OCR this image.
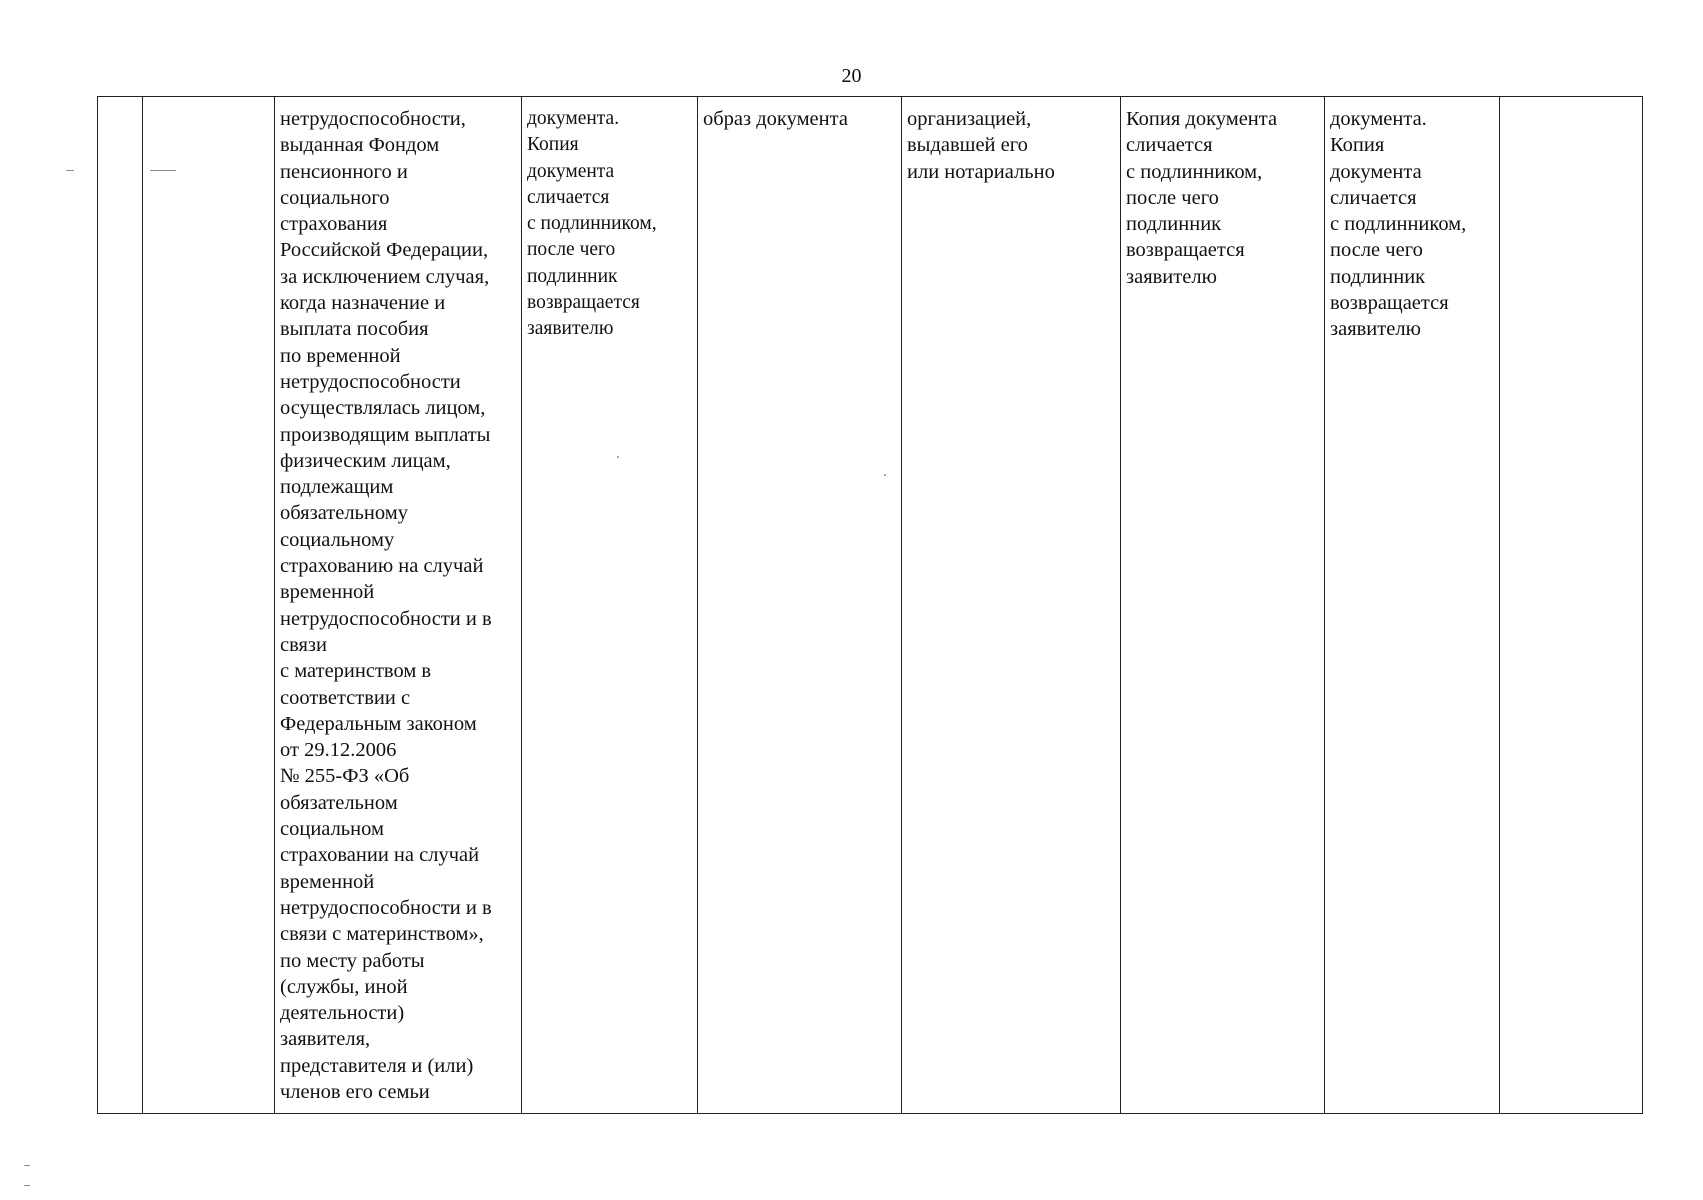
20
		нетрудоспособности,
выданная Фондом
пенсионного и
социального
страхования
Российской Федерации,
за исключением случая,
когда назначение и
выплата пособия
по временной
нетрудоспособности
осуществлялась лицом,
производящим выплаты
физическим лицам,
подлежащим
обязательному
социальному
страхованию на случай
временной
нетрудоспособности и в
связи
с материнством в
соответствии с
Федеральным законом
от 29.12.2006
№ 255-ФЗ «Об
обязательном
социальном
страховании на случай
временной
нетрудоспособности и в
связи с материнством»,
по месту работы
(службы, иной
деятельности)
заявителя,
представителя и (или)
членов его семьи	документа.
Копия
документа
сличается
с подлинником,
после чего
подлинник
возвращается
заявителю	образ документа	организацией,
выдавшей его
или нотариально	Копия документа
сличается
с подлинником,
после чего
подлинник
возвращается
заявителю	документа.
Копия
документа
сличается
с подлинником,
после чего
подлинник
возвращается
заявителю	
